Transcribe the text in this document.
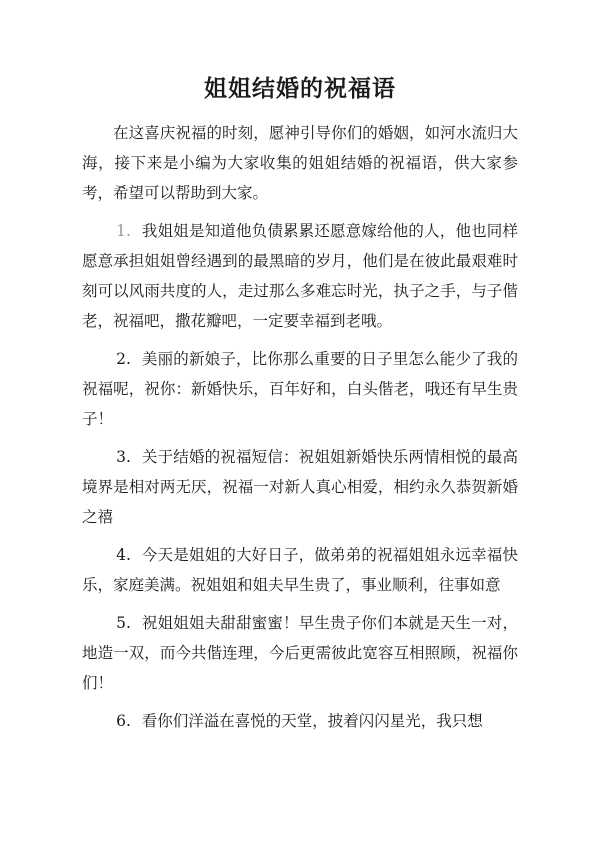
姐姐结婚的祝福语

在这喜庆祝福的时刻，愿神引导你们的婚姻，如河水流归大海，接下来是小编为大家收集的姐姐结婚的祝福语，供大家参考，希望可以帮助到大家。

1. 我姐姐是知道他负债累累还愿意嫁给他的人，他也同样愿意承担姐姐曾经遇到的最黑暗的岁月，他们是在彼此最艰难时刻可以风雨共度的人，走过那么多难忘时光，执子之手，与子偕老，祝福吧，撒花瓣吧，一定要幸福到老哦。

2. 美丽的新娘子，比你那么重要的日子里怎么能少了我的祝福呢，祝你：新婚快乐，百年好和，白头偕老，哦还有早生贵子！

3. 关于结婚的祝福短信：祝姐姐新婚快乐两情相悦的最高境界是相对两无厌，祝福一对新人真心相爱，相约永久恭贺新婚之禧

4. 今天是姐姐的大好日子，做弟弟的祝福姐姐永远幸福快乐，家庭美满。祝姐姐和姐夫早生贵了，事业顺利，往事如意

5. 祝姐姐姐夫甜甜蜜蜜！早生贵子你们本就是天生一对，地造一双，而今共偕连理，今后更需彼此宽容互相照顾，祝福你们！

6. 看你们洋溢在喜悦的天堂，披着闪闪星光，我只想
